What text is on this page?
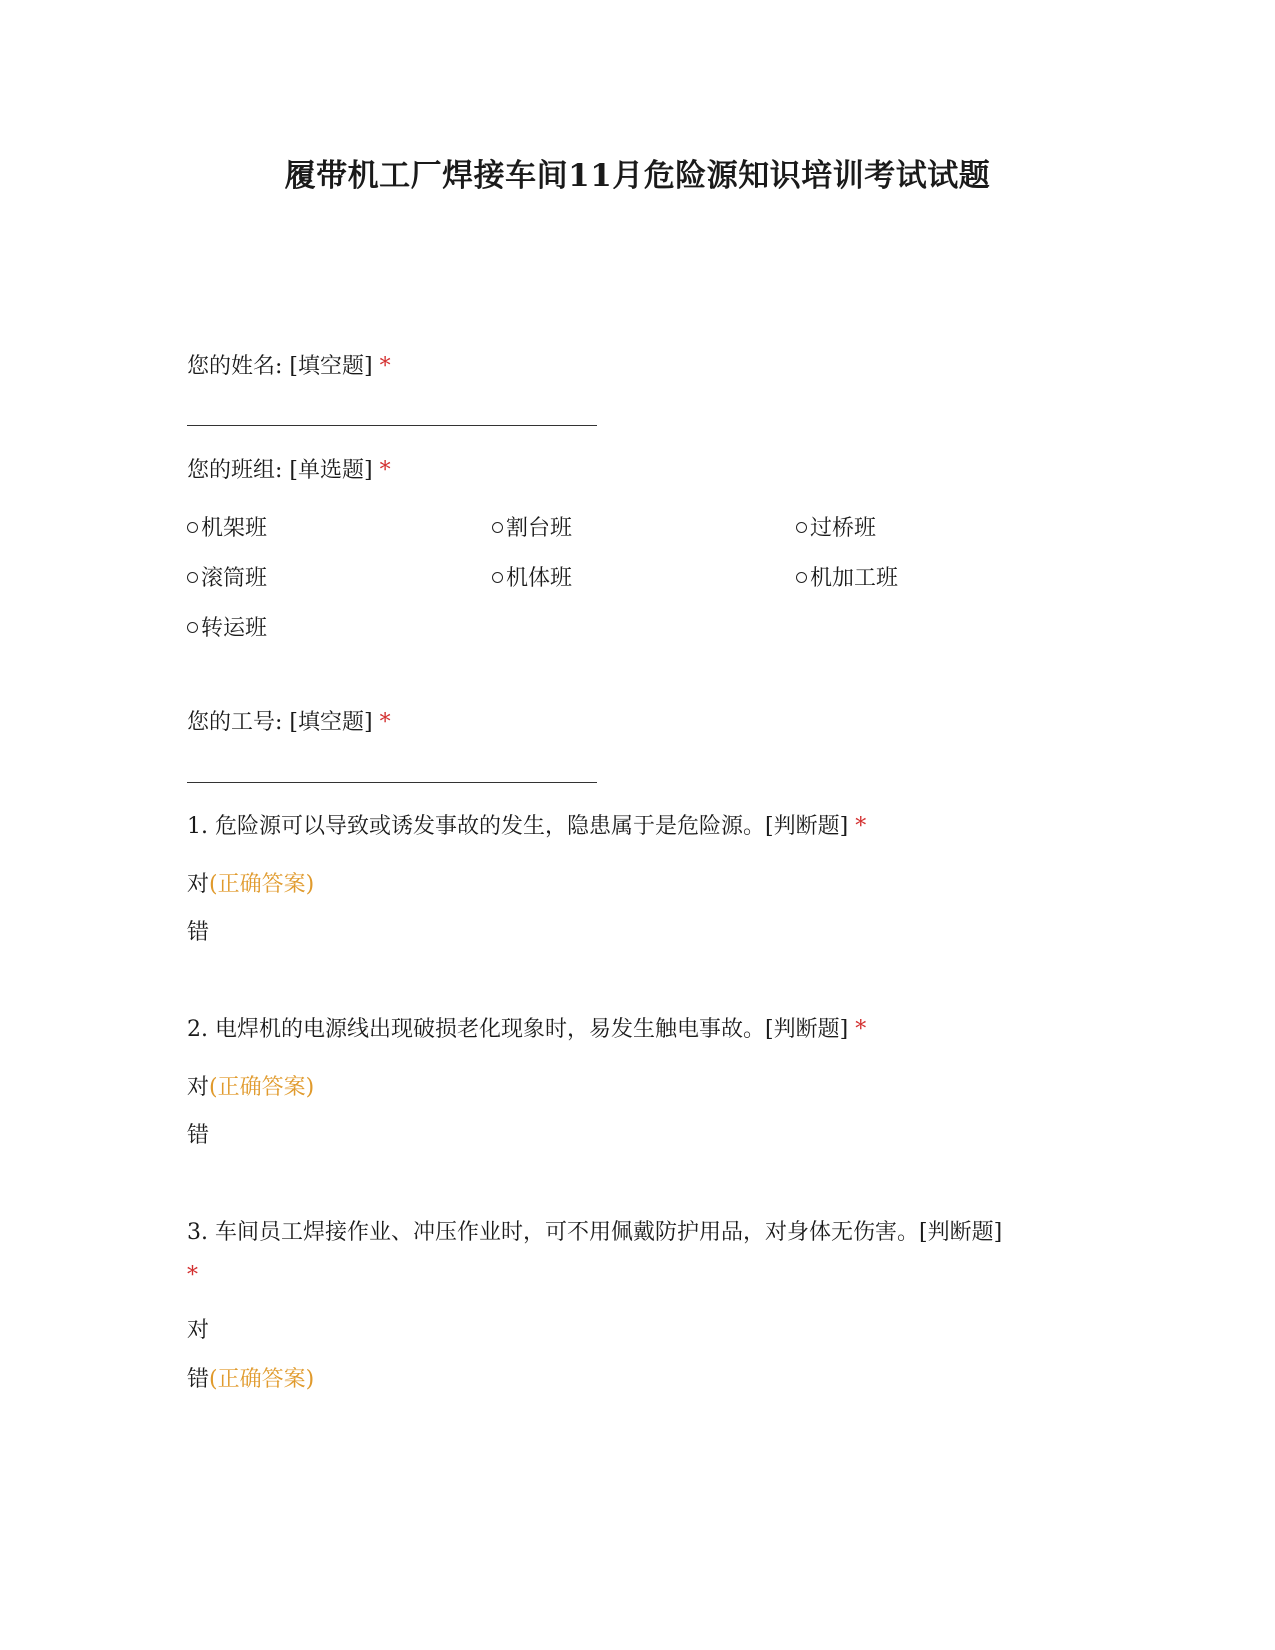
履带机工厂焊接车间11月危险源知识培训考试试题
您的姓名: [填空题] *
您的班组: [单选题] *
机架班	割台班	过桥班
滚筒班	机体班	机加工班
转运班
您的工号: [填空题] *
1. 危险源可以导致或诱发事故的发生，隐患属于是危险源。[判断题] *
对(正确答案)
错
2. 电焊机的电源线出现破损老化现象时，易发生触电事故。[判断题] *
对(正确答案)
错
3. 车间员工焊接作业、冲压作业时，可不用佩戴防护用品，对身体无伤害。[判断题]
*
对
错(正确答案)
